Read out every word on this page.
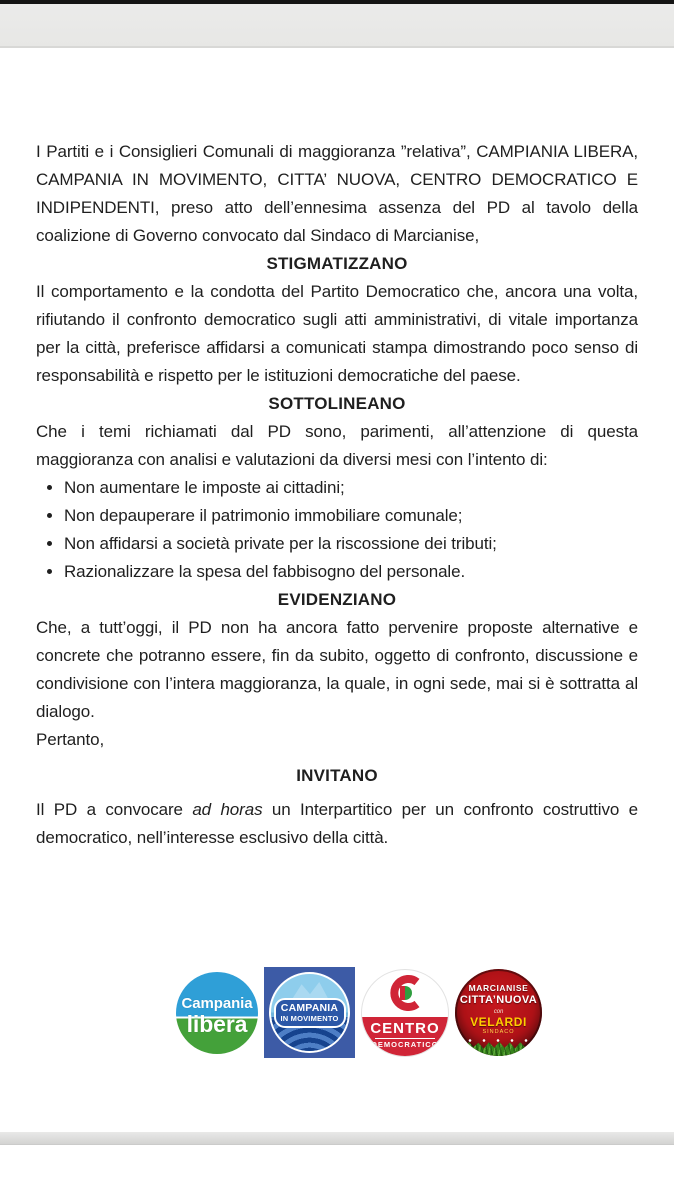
I Partiti e i Consiglieri Comunali di maggioranza ”relativa”, CAMPIANIA LIBERA, CAMPANIA IN MOVIMENTO, CITTA’ NUOVA, CENTRO DEMOCRATICO E INDIPENDENTI, preso atto dell’ennesima assenza del PD al tavolo della coalizione di Governo convocato dal Sindaco di Marcianise,

STIGMATIZZANO

Il comportamento e la condotta del Partito Democratico che, ancora una volta, rifiutando il confronto democratico sugli atti amministrativi, di vitale importanza per la città, preferisce affidarsi a comunicati stampa dimostrando poco senso di responsabilità e rispetto per le istituzioni democratiche del paese.

SOTTOLINEANO

Che i temi richiamati dal PD sono, parimenti, all’attenzione di questa maggioranza con analisi e valutazioni da diversi mesi con l’intento di:

• Non aumentare le imposte ai cittadini;
• Non depauperare il patrimonio immobiliare comunale;
• Non affidarsi a società private per la riscossione dei tributi;
• Razionalizzare la spesa del fabbisogno del personale.
EVIDENZIANO

Che, a tutt’oggi, il PD non ha ancora fatto pervenire proposte alternative e concrete che potranno essere, fin da subito, oggetto di confronto, discussione e condivisione con l’intera maggioranza, la quale, in ogni sede, mai si è sottratta al dialogo.

Pertanto,

INVITANO

Il PD a convocare ad horas un Interpartitico per un confronto costruttivo e democratico, nell’interesse esclusivo della città.

Campania
libera
CAMPANIA
IN MOVIMENTO
CENTRO
DEMOCRATICO
MARCIANISE
CITTA’NUOVA
con
VELARDI
SINDACO
